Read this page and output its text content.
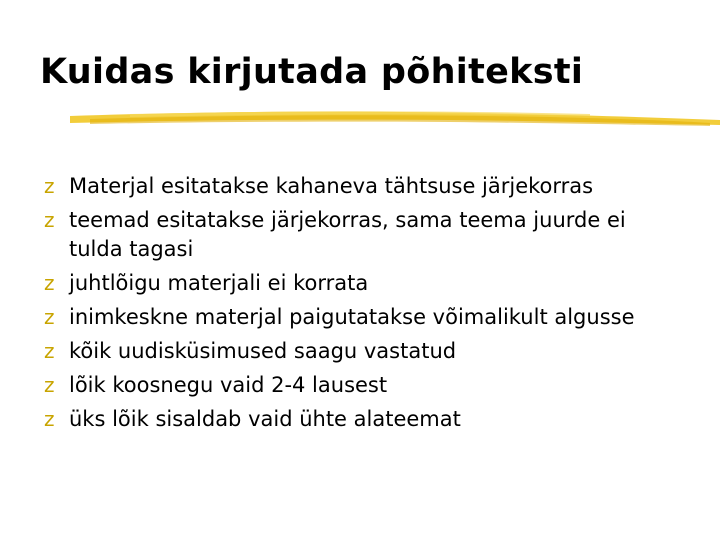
Kuidas kirjutada põhiteksti
z Materjal esitatakse kahaneva tähtsuse järjekorras
z teemad esitatakse järjekorras, sama teema juurde ei tulda tagasi
z juhtlõigu materjali ei korrata
z inimkeskne materjal paigutatakse võimalikult algusse
z kõik uudisküsimused saagu vastatud
z lõik koosnegu vaid 2-4 lausest
z üks lõik sisaldab vaid ühte alateemat
